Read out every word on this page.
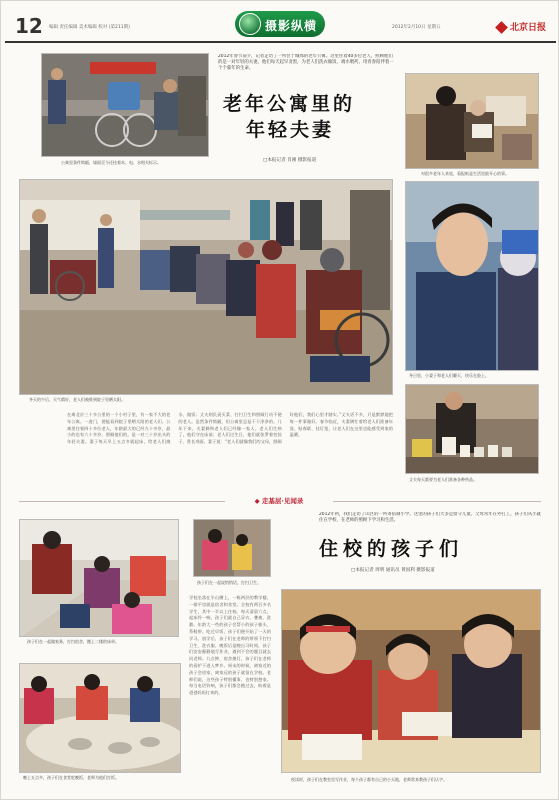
12 编辑 责任编辑 美术编辑 校对 (第211期)	摄影纵横	2012年2月10日 星期五	北京日报
公寓里条件简陋，墙面至今还挂着木、电、水相关标示。
2012年春节前夕，记者走访了一所位于城郊的老年公寓。这里住着40多位老人，照顾他们的是一对年轻的夫妻。他们每天起早贪黑，为老人们洗衣做饭、端水喂药，用青春陪伴着一个个暮年的生命。
老年公寓里的
年轻夫妻
□本报记者 肖刚 摄影报道
对很多老年人来说，看报纸是生活里最开心的事。
冬天的午后，天气晴好，老人们被推到院子里晒太阳。
冬日里，小妻子和老人们聊天，快乐在脸上。
丈夫每天都要为老人们准备各种药品。
在离北京三十多公里的一个小村子里，有一家不大的老年公寓。一进门，便能看到院子里晒太阳的老人们。公寓里住着四十多位老人，年龄最大的已经九十多岁，最小的也有六十多岁。照顾他们的，是一对三十岁出头的年轻夫妻。妻子每天早上五点多就起床，给老人们烧水、做饭；丈夫则负责买菜、打扫卫生和照顾行动不便的老人。虽然条件简陋，但公寓里总是干干净净的。几年下来，夫妻俩和老人们已经像一家人。老人们生病了，他们守在床前；老人们过生日，他们就张罗着包饺子、煮长寿面。妻子说：“老人们就像我们的父母，照顾好他们，我们心里才踏实。”丈夫话不多，只是默默地把每一件事做好。春节临近，夫妻俩忙着给老人们准备年货，贴春联、挂灯笼，让老人们在这里也能感受到家的温暖。
◆ 走基层·见闻录
孩子们在一起做家务，打扫宿舍，搬上二楼的床单。
孩子们在一起说悄悄话，打扫卫生。
2012年初，我们走访了山区的一所寄宿制小学。这里的孩子们大多是留守儿童，父母常年在外打工，孩子们从小就住在学校，在老师的照顾下学习和生活。
住校的孩子们
□本报记者 周明 通讯员 黄国利 摄影报道
晚上五点多，孩子们在食堂吃晚饭，老师为他们打饭。
学校坐落在半山腰上，一栋两层的教学楼，一排平房就是宿舍和食堂。全校有两百多名学生，其中一半以上住校。每天清晨六点，起床铃一响，孩子们就自己穿衣、叠被、洗漱。年龄大一些的孩子会帮小的孩子梳头、系鞋带。吃过早饭，孩子们便开始了一天的学习。放学后，孩子们在老师的带领下打扫卫生、洗衣服。晚饭后是晚自习时间，孩子们安安静静地写作业，遇到不会的题目就去问老师。九点钟，宿舍熄灯，孩子们在老师的看护下进入梦乡。周末的时候，离家近的孩子会回家，离家远的孩子就留在学校。老师们说，这些孩子特别懂事，也特别想家。每当电话铃响，孩子们都会跑过去，盼着是爸爸妈妈打来的。
夜读时，孩子们在教室里写作业，每个孩子都有自己的小天地，老师常来教孩子们认字。
